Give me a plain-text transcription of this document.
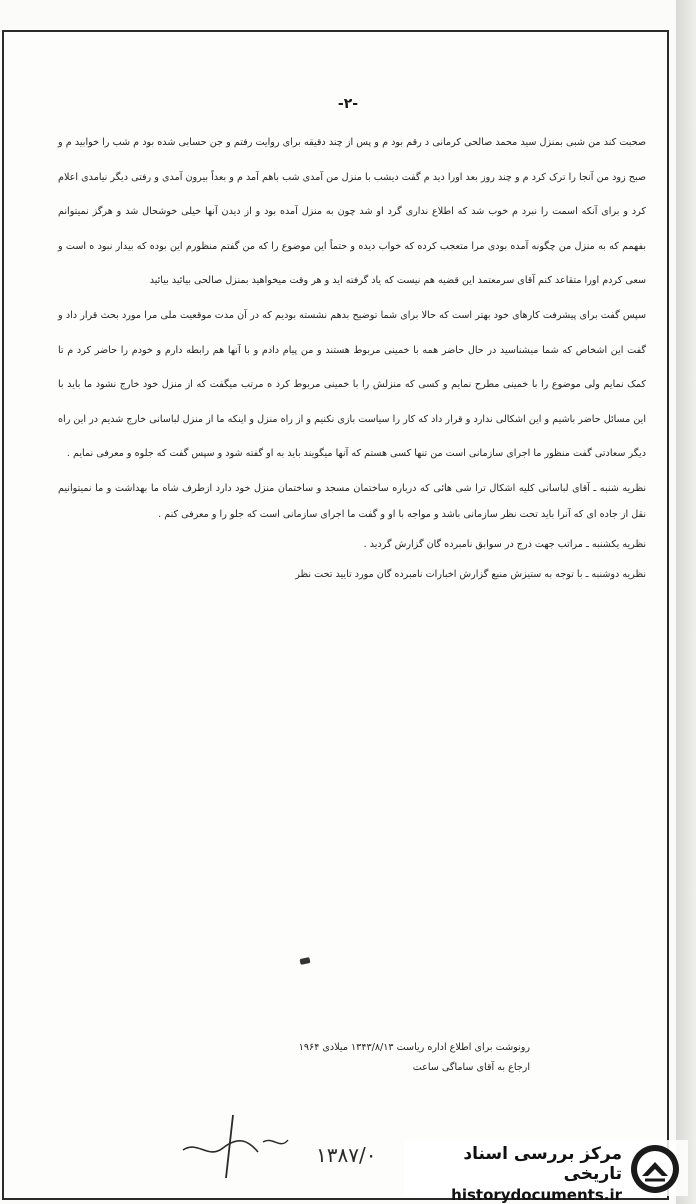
-۲-

صحبت کند من شبی بمنزل سید محمد صالحی کرمانی د رقم بود م و پس از چند دقیقه برای روایت رفتم و جن حسابی شده بود م شب را خوابید م و صبح زود من آنجا را ترک کرد م و چند روز بعد اورا دید م گفت دیشب با منزل من آمدی شب باهم آمد م و بعداً بیرون آمدی و رفتی دیگر نیامدی اعلام کرد و برای آنکه اسمت را نبرد م خوب شد که اطلاع نداری گرد او شد چون به منزل آمده بود و از دیدن آنها خیلی خوشحال شد و هرگز نمیتوانم بفهمم که به منزل من چگونه آمده بودی مرا متعجب کرده که خواب دیده و حتماً این موضوع را که من گفتم منظورم این بوده که بیدار نبود ه است و سعی کردم اورا متقاعد کنم آقای سرمعتمد این قضیه هم نیست که یاد گرفته اید و هر وقت میخواهید بمنزل صالحی بیائید بیائید

سپس گفت برای پیشرفت کارهای خود بهتر است که حالا برای شما توضیح بدهم نشسته بودیم که در آن مدت موقعیت ملی مرا مورد بحث قرار داد و گفت این اشخاص که شما میشناسید در حال حاضر همه با خمینی مربوط هستند و من پیام دادم و با آنها هم رابطه دارم و خودم را حاضر کرد م تا کمک نمایم ولی موضوع را با خمینی مطرح نمایم و کسی که منزلش را با خمینی مربوط کرد ه مرتب میگفت که از منزل خود خارج نشود ما باید با این مسائل حاضر باشیم و این اشکالی ندارد و قرار داد که کار را سیاست بازی نکنیم و از راه منزل و اینکه ما از منزل لباسانی خارج شدیم در این راه دیگر سعادتی گفت منظور ما اجرای سازمانی است من تنها کسی هستم که آنها میگویند باید به او گفته شود و سپس گفت که جلوه و معرفی نمایم .

نظریه شنبه ـ آقای لباسانی کلیه اشکال ترا شی هائی که درباره ساختمان مسجد و ساختمان منزل خود دارد ازطرف شاه ما بهداشت و ما نمیتوانیم نقل از جاده ای که آنرا باید تحت نظر سازمانی باشد و مواجه با او و گفت ما اجرای سازمانی است که جلو را و معرفی کنم .

نظریه یکشنبه ـ مراتب جهت درج در سوابق نامبرده گان گزارش گردید .

نظریه دوشنبه ـ با توجه به ستیزش منبع گزارش اخبارات نامبرده گان مورد تایید تحت نظر

رونوشت برای اطلاع اداره ریاست ۱۳۴۳/۸/۱۳ میلادی ۱۹۶۴
ارجاع به آقای ساماگی ساعت
۱۳۸۷/۰	مرکز بررسی اسناد تاریخی
historydocuments.ir
